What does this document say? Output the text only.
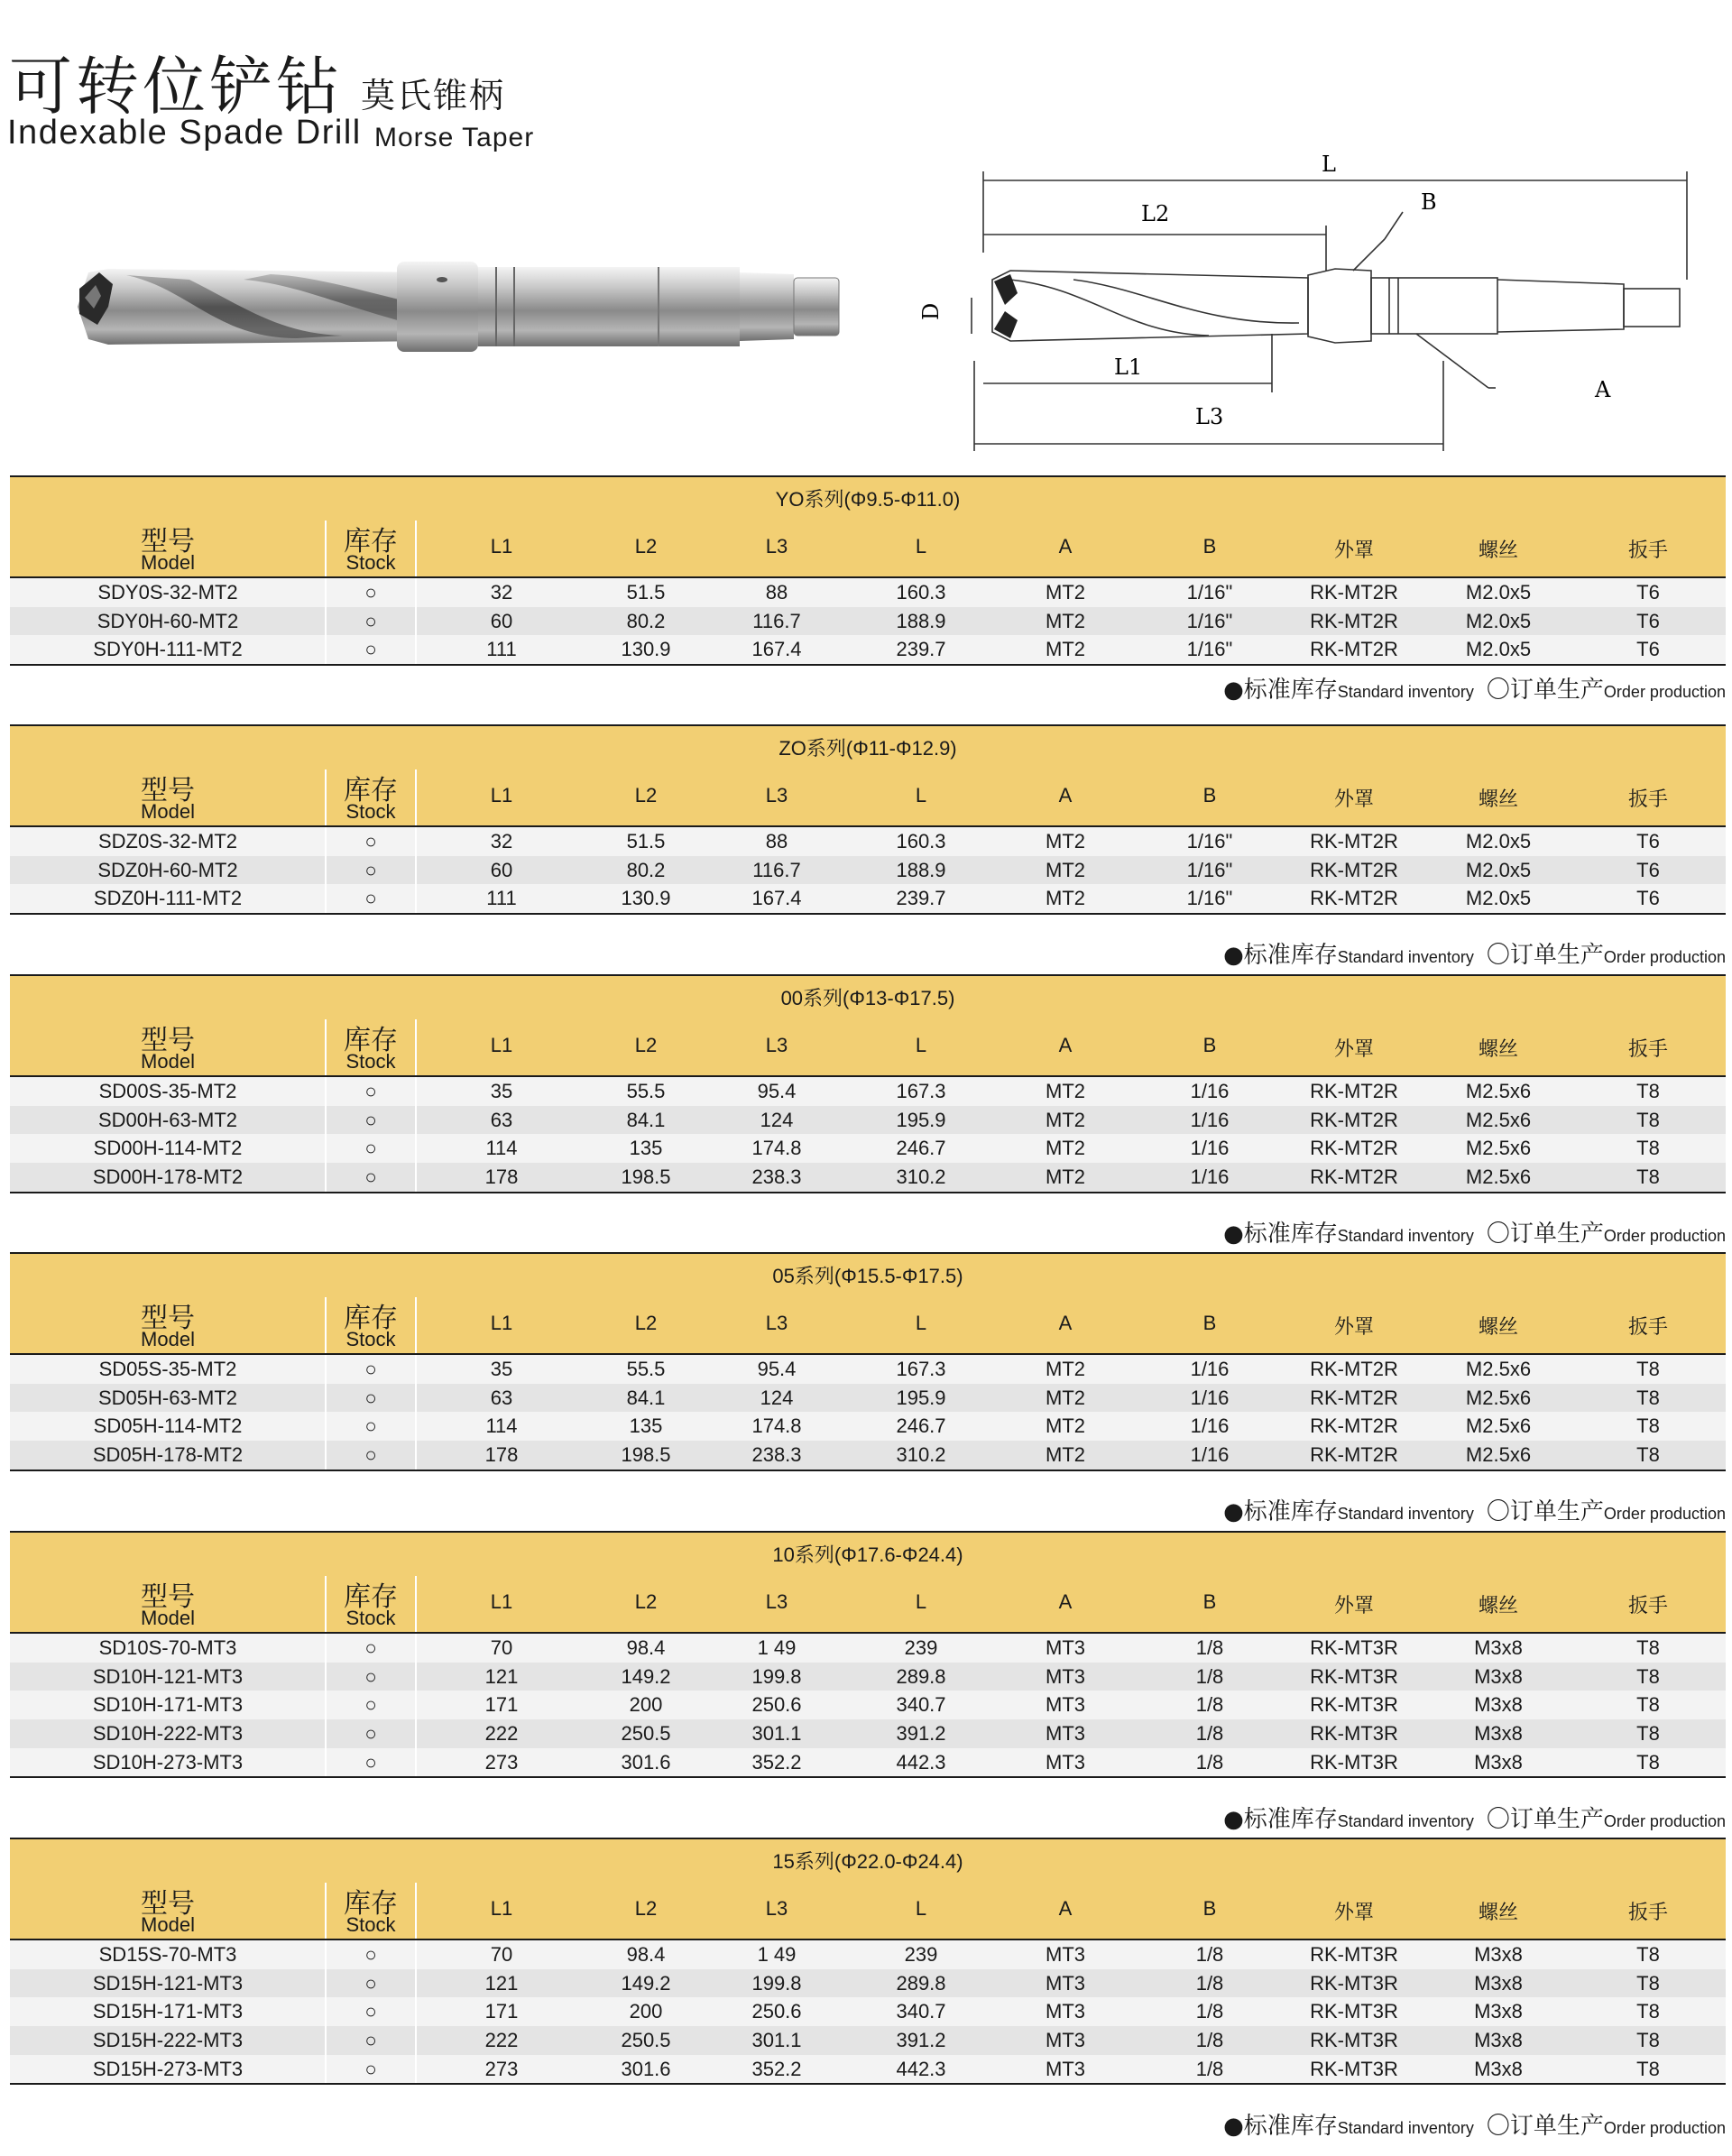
可转位铲钻 莫氏锥柄
Indexable Spade Drill Morse Taper
L
L2	B
D
L1
L3
A
YO系列(Φ9.5-Φ11.0)
型号
Model
库存
Stock
L1	L2	L3	L	A	B	外罩	螺丝	扳手
SDY0S-32-MT2	○	32	51.5	88	160.3	MT2	1/16"	RK-MT2R	M2.0x5	T6
SDY0H-60-MT2	○	60	80.2	116.7	188.9	MT2	1/16"	RK-MT2R	M2.0x5	T6
SDY0H-111-MT2	○	111	130.9	167.4	239.7	MT2	1/16"	RK-MT2R	M2.0x5	T6
●标准库存Standard inventory 〇订单生产Order production
ZO系列(Φ11-Φ12.9)
型号
Model
库存
Stock
L1	L2	L3	L	A	B	外罩	螺丝	扳手
SDZ0S-32-MT2	○	32	51.5	88	160.3	MT2	1/16"	RK-MT2R	M2.0x5	T6
SDZ0H-60-MT2	○	60	80.2	116.7	188.9	MT2	1/16"	RK-MT2R	M2.0x5	T6
SDZ0H-111-MT2	○	111	130.9	167.4	239.7	MT2	1/16"	RK-MT2R	M2.0x5	T6
●标准库存Standard inventory 〇订单生产Order production
00系列(Φ13-Φ17.5)
型号
Model
库存
Stock
L1	L2	L3	L	A	B	外罩	螺丝	扳手
SD00S-35-MT2	○	35	55.5	95.4	167.3	MT2	1/16	RK-MT2R	M2.5x6	T8
SD00H-63-MT2	○	63	84.1	124	195.9	MT2	1/16	RK-MT2R	M2.5x6	T8
SD00H-114-MT2	○	114	135	174.8	246.7	MT2	1/16	RK-MT2R	M2.5x6	T8
SD00H-178-MT2	○	178	198.5	238.3	310.2	MT2	1/16	RK-MT2R	M2.5x6	T8
●标准库存Standard inventory 〇订单生产Order production
05系列(Φ15.5-Φ17.5)
型号
Model
库存
Stock
L1	L2	L3	L	A	B	外罩	螺丝	扳手
SD05S-35-MT2	○	35	55.5	95.4	167.3	MT2	1/16	RK-MT2R	M2.5x6	T8
SD05H-63-MT2	○	63	84.1	124	195.9	MT2	1/16	RK-MT2R	M2.5x6	T8
SD05H-114-MT2	○	114	135	174.8	246.7	MT2	1/16	RK-MT2R	M2.5x6	T8
SD05H-178-MT2	○	178	198.5	238.3	310.2	MT2	1/16	RK-MT2R	M2.5x6	T8
●标准库存Standard inventory 〇订单生产Order production
10系列(Φ17.6-Φ24.4)
型号
Model
库存
Stock
L1	L2	L3	L	A	B	外罩	螺丝	扳手
SD10S-70-MT3	○	70	98.4	1 49	239	MT3	1/8	RK-MT3R	M3x8	T8
SD10H-121-MT3	○	121	149.2	199.8	289.8	MT3	1/8	RK-MT3R	M3x8	T8
SD10H-171-MT3	○	171	200	250.6	340.7	MT3	1/8	RK-MT3R	M3x8	T8
SD10H-222-MT3	○	222	250.5	301.1	391.2	MT3	1/8	RK-MT3R	M3x8	T8
SD10H-273-MT3	○	273	301.6	352.2	442.3	MT3	1/8	RK-MT3R	M3x8	T8
●标准库存Standard inventory 〇订单生产Order production
15系列(Φ22.0-Φ24.4)
型号
Model
库存
Stock
L1	L2	L3	L	A	B	外罩	螺丝	扳手
SD15S-70-MT3	○	70	98.4	1 49	239	MT3	1/8	RK-MT3R	M3x8	T8
SD15H-121-MT3	○	121	149.2	199.8	289.8	MT3	1/8	RK-MT3R	M3x8	T8
SD15H-171-MT3	○	171	200	250.6	340.7	MT3	1/8	RK-MT3R	M3x8	T8
SD15H-222-MT3	○	222	250.5	301.1	391.2	MT3	1/8	RK-MT3R	M3x8	T8
SD15H-273-MT3	○	273	301.6	352.2	442.3	MT3	1/8	RK-MT3R	M3x8	T8
●标准库存Standard inventory 〇订单生产Order production
